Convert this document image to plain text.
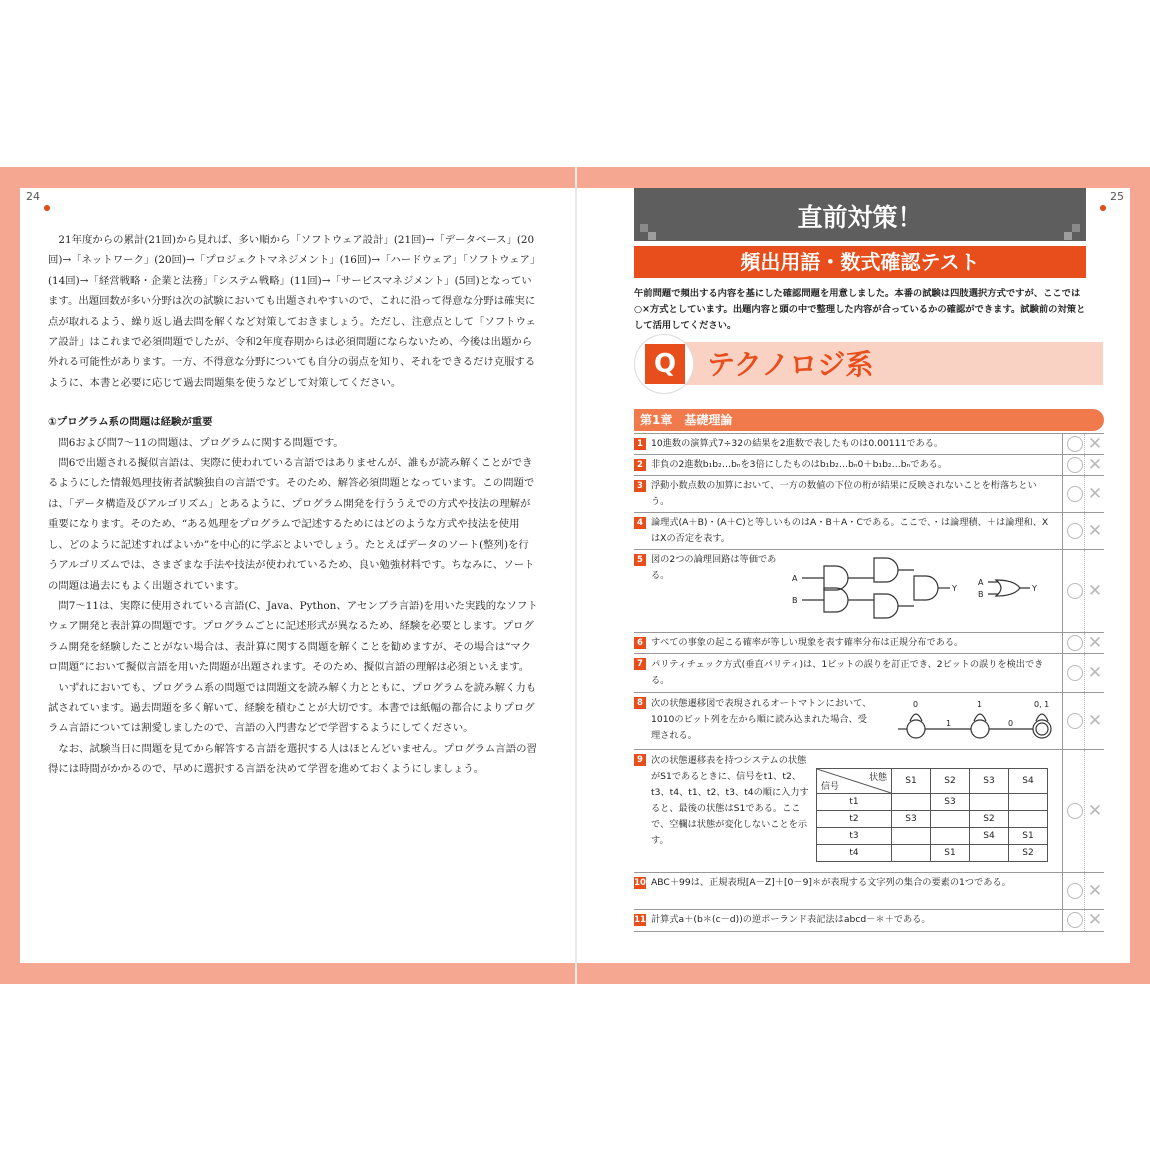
24

21年度からの累計(21回)から見れば、多い順から「ソフトウェア設計」(21回)→「データベース」(20回)→「ネットワーク」(20回)→「プロジェクトマネジメント」(16回)→「ハードウェア」「ソフトウェア」(14回)→「経営戦略・企業と法務」「システム戦略」(11回)→「サービスマネジメント」(5回)となっています。出題回数が多い分野は次の試験においても出題されやすいので、これに沿って得意な分野は確実に点が取れるよう、繰り返し過去問を解くなど対策しておきましょう。ただし、注意点として「ソフトウェア設計」はこれまで必須問題でしたが、令和2年度春期からは必須問題にならないため、今後は出題から外れる可能性があります。一方、不得意な分野についても自分の弱点を知り、それをできるだけ克服するように、本書と必要に応じて過去問題集を使うなどして対策してください。

①プログラム系の問題は経験が重要

問6および問7～11の問題は、プログラムに関する問題です。

問6で出題される擬似言語は、実際に使われている言語ではありませんが、誰もが読み解くことができるようにした情報処理技術者試験独自の言語です。そのため、解答必須問題となっています。この問題では、「データ構造及びアルゴリズム」とあるように、プログラム開発を行ううえでの方式や技法の理解が重要になります。そのため、“ある処理をプログラムで記述するためにはどのような方式や技法を使用し、どのように記述すればよいか”を中心的に学ぶとよいでしょう。たとえばデータのソート(整列)を行うアルゴリズムでは、さまざまな手法や技法が使われているため、良い勉強材料です。ちなみに、ソートの問題は過去にもよく出題されています。

問7～11は、実際に使用されている言語(C、Java、Python、アセンブラ言語)を用いた実践的なソフトウェア開発と表計算の問題です。プログラムごとに記述形式が異なるため、経験を必要とします。プログラム開発を経験したことがない場合は、表計算に関する問題を解くことを勧めますが、その場合は“マクロ問題”において擬似言語を用いた問題が出題されます。そのため、擬似言語の理解は必須といえます。

いずれにおいても、プログラム系の問題では問題文を読み解く力とともに、プログラムを読み解く力も試されています。過去問題を多く解いて、経験を積むことが大切です。本書では紙幅の都合によりプログラム言語については割愛しましたので、言語の入門書などで学習するようにしてください。

なお、試験当日に問題を見てから解答する言語を選択する人はほとんどいません。プログラム言語の習得には時間がかかるので、早めに選択する言語を決めて学習を進めておくようにしましょう。

25
直前対策！
頻出用語・数式確認テスト
午前問題で頻出する内容を基にした確認問題を用意しました。本番の試験は四肢選択方式ですが、ここでは○×方式としています。出題内容と頭の中で整理した内容が合っているかの確認ができます。試験前の対策として活用してください。
Q	テクノロジ系
第1章　基礎理論
1 10進数の演算式7÷32の結果を2進数で表したものは0.00111である。	✕
2 非負の2進数b₁b₂…bₙを3倍にしたものはb₁b₂…bₙ0＋b₁b₂…bₙである。	✕
3 浮動小数点数の加算において、一方の数値の下位の桁が結果に反映されないことを桁落ちという。	✕
4 論理式(A＋B)・(A＋C)と等しいものはA・B＋A・Cである。ここで、・は論理積、＋は論理和、XはXの否定を表す。	✕
5 図の2つの論理回路は等価である。	A
B
Y
A
B
Y	✕
6 すべての事象の起こる確率が等しい現象を表す確率分布は正規分布である。	✕
7 パリティチェック方式(垂直パリティ)は、1ビットの誤りを訂正でき、2ビットの誤りを検出できる。	✕
8 次の状態遷移図で表現されるオートマトンにおいて、1010のビット列を左から順に読み込まれた場合、受理される。
0	1	0, 1
1	0	✕
9 次の状態遷移表を持つシステムの状態がS1であるときに、信号をt1、t2、t3、t4、t1、t2、t3、t4の順に入力すると、最後の状態はS1である。ここで、空欄は状態が変化しないことを示す。
状態
信号	S1	S2	S3	S4
t1		S3		
t2	S3		S2	
t3			S4	S1
t4		S1		S2
✕
10 ABC＋99は、正規表現[A－Z]＋[0－9]＊が表現する文字列の集合の要素の1つである。	✕
11 計算式a＋(b＊(c－d))の逆ポーランド表記法はabcd－＊＋である。	✕
